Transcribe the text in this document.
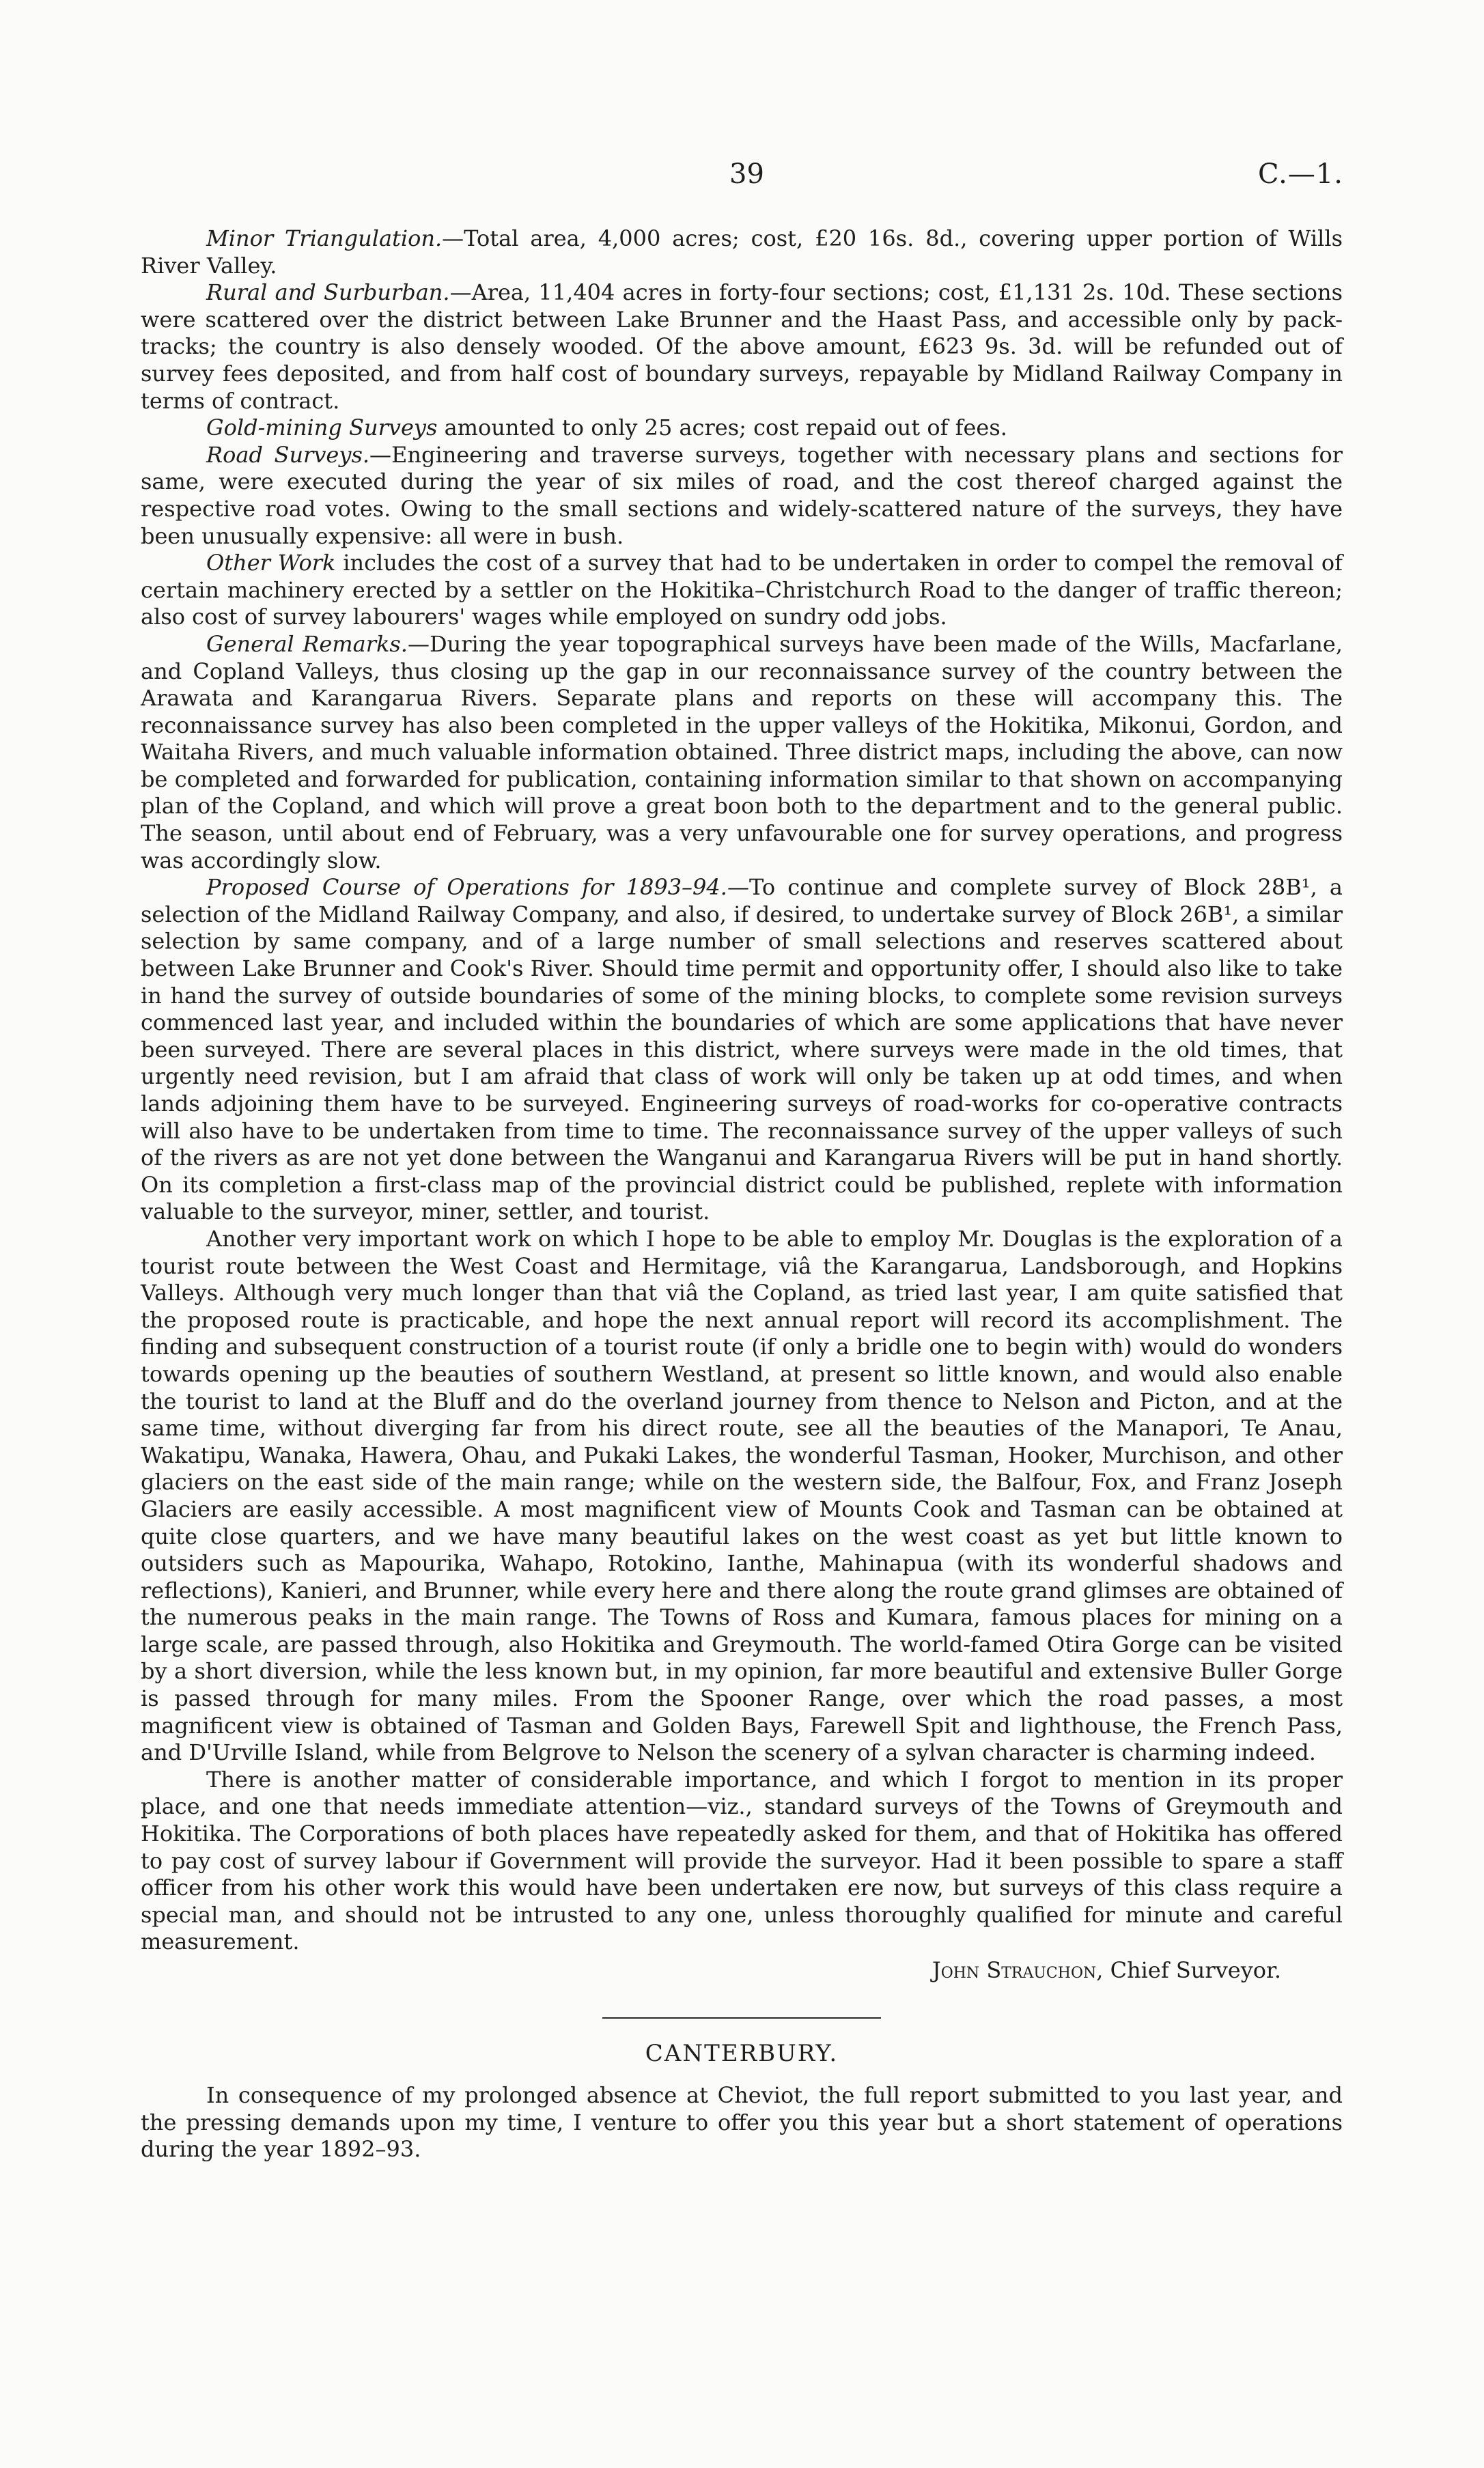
39	C.—1.

Minor Triangulation.—Total area, 4,000 acres; cost, £20 16s. 8d., covering upper portion of Wills River Valley.

Rural and Surburban.—Area, 11,404 acres in forty-four sections; cost, £1,131 2s. 10d. These sections were scattered over the district between Lake Brunner and the Haast Pass, and accessible only by pack-tracks; the country is also densely wooded. Of the above amount, £623 9s. 3d. will be refunded out of survey fees deposited, and from half cost of boundary surveys, repayable by Midland Railway Company in terms of contract.

Gold-mining Surveys amounted to only 25 acres; cost repaid out of fees.

Road Surveys.—Engineering and traverse surveys, together with necessary plans and sections for same, were executed during the year of six miles of road, and the cost thereof charged against the respective road votes. Owing to the small sections and widely-scattered nature of the surveys, they have been unusually expensive: all were in bush.

Other Work includes the cost of a survey that had to be undertaken in order to compel the removal of certain machinery erected by a settler on the Hokitika–Christchurch Road to the danger of traffic thereon; also cost of survey labourers' wages while employed on sundry odd jobs.

General Remarks.—During the year topographical surveys have been made of the Wills, Macfarlane, and Copland Valleys, thus closing up the gap in our reconnaissance survey of the country between the Arawata and Karangarua Rivers. Separate plans and reports on these will accompany this. The reconnaissance survey has also been completed in the upper valleys of the Hokitika, Mikonui, Gordon, and Waitaha Rivers, and much valuable information obtained. Three district maps, including the above, can now be completed and forwarded for publication, containing information similar to that shown on accompanying plan of the Copland, and which will prove a great boon both to the department and to the general public. The season, until about end of February, was a very unfavourable one for survey operations, and progress was accordingly slow.

Proposed Course of Operations for 1893–94.—To continue and complete survey of Block 28B¹, a selection of the Midland Railway Company, and also, if desired, to undertake survey of Block 26B¹, a similar selection by same company, and of a large number of small selections and reserves scattered about between Lake Brunner and Cook's River. Should time permit and opportunity offer, I should also like to take in hand the survey of outside boundaries of some of the mining blocks, to complete some revision surveys commenced last year, and included within the boundaries of which are some applications that have never been surveyed. There are several places in this district, where surveys were made in the old times, that urgently need revision, but I am afraid that class of work will only be taken up at odd times, and when lands adjoining them have to be surveyed. Engineering surveys of road-works for co-operative contracts will also have to be undertaken from time to time. The reconnaissance survey of the upper valleys of such of the rivers as are not yet done between the Wanganui and Karangarua Rivers will be put in hand shortly. On its completion a first-class map of the provincial district could be published, replete with information valuable to the surveyor, miner, settler, and tourist.

Another very important work on which I hope to be able to employ Mr. Douglas is the exploration of a tourist route between the West Coast and Hermitage, viâ the Karangarua, Landsborough, and Hopkins Valleys. Although very much longer than that viâ the Copland, as tried last year, I am quite satisfied that the proposed route is practicable, and hope the next annual report will record its accomplishment. The finding and subsequent construction of a tourist route (if only a bridle one to begin with) would do wonders towards opening up the beauties of southern Westland, at present so little known, and would also enable the tourist to land at the Bluff and do the overland journey from thence to Nelson and Picton, and at the same time, without diverging far from his direct route, see all the beauties of the Manapori, Te Anau, Wakatipu, Wanaka, Hawera, Ohau, and Pukaki Lakes, the wonderful Tasman, Hooker, Murchison, and other glaciers on the east side of the main range; while on the western side, the Balfour, Fox, and Franz Joseph Glaciers are easily accessible. A most magnificent view of Mounts Cook and Tasman can be obtained at quite close quarters, and we have many beautiful lakes on the west coast as yet but little known to outsiders such as Mapourika, Wahapo, Rotokino, Ianthe, Mahinapua (with its wonderful shadows and reflections), Kanieri, and Brunner, while every here and there along the route grand glimses are obtained of the numerous peaks in the main range. The Towns of Ross and Kumara, famous places for mining on a large scale, are passed through, also Hokitika and Greymouth. The world-famed Otira Gorge can be visited by a short diversion, while the less known but, in my opinion, far more beautiful and extensive Buller Gorge is passed through for many miles. From the Spooner Range, over which the road passes, a most magnificent view is obtained of Tasman and Golden Bays, Farewell Spit and lighthouse, the French Pass, and D'Urville Island, while from Belgrove to Nelson the scenery of a sylvan character is charming indeed.

There is another matter of considerable importance, and which I forgot to mention in its proper place, and one that needs immediate attention—viz., standard surveys of the Towns of Greymouth and Hokitika. The Corporations of both places have repeatedly asked for them, and that of Hokitika has offered to pay cost of survey labour if Government will provide the surveyor. Had it been possible to spare a staff officer from his other work this would have been undertaken ere now, but surveys of this class require a special man, and should not be intrusted to any one, unless thoroughly qualified for minute and careful measurement.

John Strauchon, Chief Surveyor.
CANTERBURY.

In consequence of my prolonged absence at Cheviot, the full report submitted to you last year, and the pressing demands upon my time, I venture to offer you this year but a short statement of operations during the year 1892–93.
